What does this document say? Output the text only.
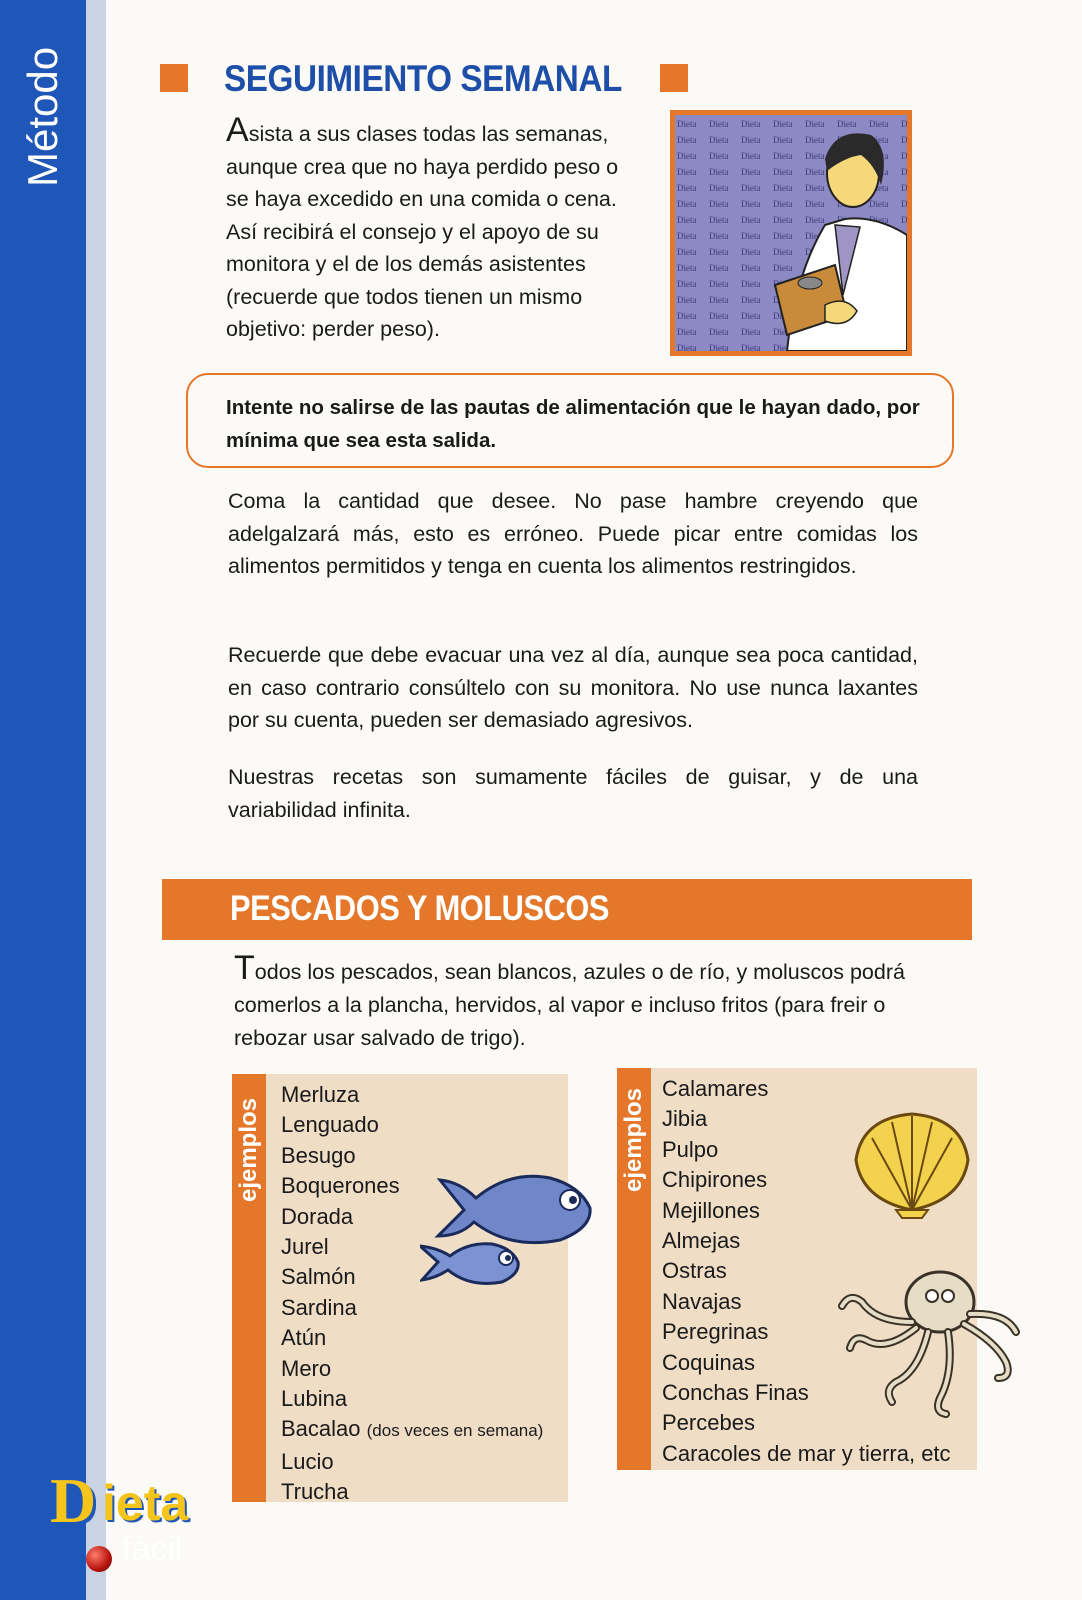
Método	SEGUIMIENTO SEMANAL
Asista a sus clases todas las semanas, aunque crea que no haya perdido peso o se haya excedido en una comida o cena. Así recibirá el consejo y el apoyo de su monitora y el de los demás asistentes (recuerde que todos tienen un mismo objetivo: perder peso).
Intente no salirse de las pautas de alimentación que le hayan dado, por mínima que sea esta salida.
Coma la cantidad que desee. No pase hambre creyendo que adelgalzará más, esto es erróneo. Puede picar entre comidas los alimentos permitidos y tenga en cuenta los alimentos restringidos.
Recuerde que debe evacuar una vez al día, aunque sea poca cantidad, en caso contrario consúltelo con su monitora. No use nunca laxantes por su cuenta, pueden ser demasiado agresivos.
Nuestras recetas son sumamente fáciles de guisar, y de una variabilidad infinita.
PESCADOS Y MOLUSCOS
Todos los pescados, sean blancos, azules o de río, y moluscos podrá comerlos a la plancha, hervidos, al vapor e incluso fritos (para freir o rebozar usar salvado de trigo).
ejemplos
Merluza
Lenguado
Besugo
Boquerones
Dorada
Jurel
Salmón
Sardina
Atún
Mero
Lubina
Bacalao (dos veces en semana)
Lucio
Trucha
ejemplos Calamares
Jibia
Pulpo
Chipirones
Mejillones
Almejas
Ostras
Navajas
Peregrinas
Coquinas
Conchas Finas
Percebes
Caracoles de mar y tierra, etc
D ieta
fácil
